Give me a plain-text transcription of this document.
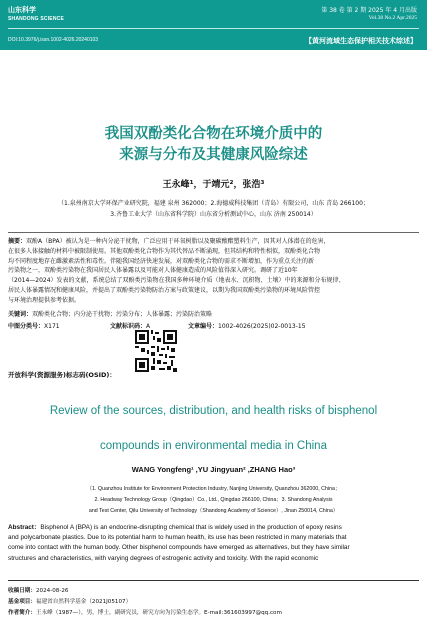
山东科学
SHANDONG SCIENCE
第 38 卷 第 2 期 2025 年 4 月出版
Vol.38 No.2 Apr.2025
DOI:10.3976/j.issn.1002-4026.20240103	【黄河流域生态保护相关技术综述】
我国双酚类化合物在环境介质中的
来源与分布及其健康风险综述
王永峰¹，于靖元²，张浩³
（1.泉州南京大学环保产业研究院，福建 泉州 362000；2.海德威科技集团（青岛）有限公司，山东 青岛 266100；
3.齐鲁工业大学（山东省科学院）山东省分析测试中心，山东 济南 250014）
摘要：双酚A（BPA）被认为是一种内分泌干扰物，广泛应用于环氧树脂以及聚碳酸酯塑料生产，因其对人体潜在的危害，
在很多人体接触的材料中被限制使用。其他双酚类化合物作为其代替品不断涌现，但其结构和特性相似，双酚类化合物
均不同程度地存在雌激素活性和毒性。伴随我国经济快速发展，对双酚类化合物的需求不断增加，作为重点关注的新
污染物之一，双酚类污染物在我国居民人体暴露以及可能对人体健康造成的风险值得深入研究。调研了近10年
（2014—2024）发表的文献，系统总结了双酚类污染物在我国多种环境介质（地表水、沉积物、土壤）中的来源和分布规律、
居民人体暴露情况和健康风险，并提出了双酚类污染物防治方案与政策建议，以期为我国双酚类污染物的环境风险管控
与环境治理提供参考依据。
关键词：双酚类化合物；内分泌干扰物；污染分布；人体暴露；污染防治策略
中图分类号：X171	文献标识码：A	文章编号：1002-4026(2025)02-0013-15
开放科学(资源服务)标志码(OSID)：
Review of the sources, distribution, and health risks of bisphenol
compounds in environmental media in China
WANG Yongfeng¹ ,YU Jingyuan² ,ZHANG Hao³
（1. Quanzhou Institute for Environment Protection Industry, Nanjing University, Quanzhou 362000, China；
2. Headway Technology Group（Qingdao）Co., Ltd., Qingdao 266100, China；3. Shandong Analysis
and Test Center, Qilu University of Technology（Shandong Academy of Science）, Jinan 250014, China）
Abstract：Bisphenol A (BPA) is an endocrine-disrupting chemical that is widely used in the production of epoxy resins
and polycarbonate plastics. Due to its potential harm to human health, its use has been restricted in many materials that
come into contact with the human body. Other bisphenol compounds have emerged as alternatives, but they have similar
structures and characteristics, with varying degrees of estrogenic activity and toxicity. With the rapid economic
收稿日期：2024-08-26
基金项目：福建省自然科学基金（2021J05107）
作者简介：王永峰（1987—），男，博士，副研究员，研究方向为污染生态学。E-mail:361603997@qq.com
